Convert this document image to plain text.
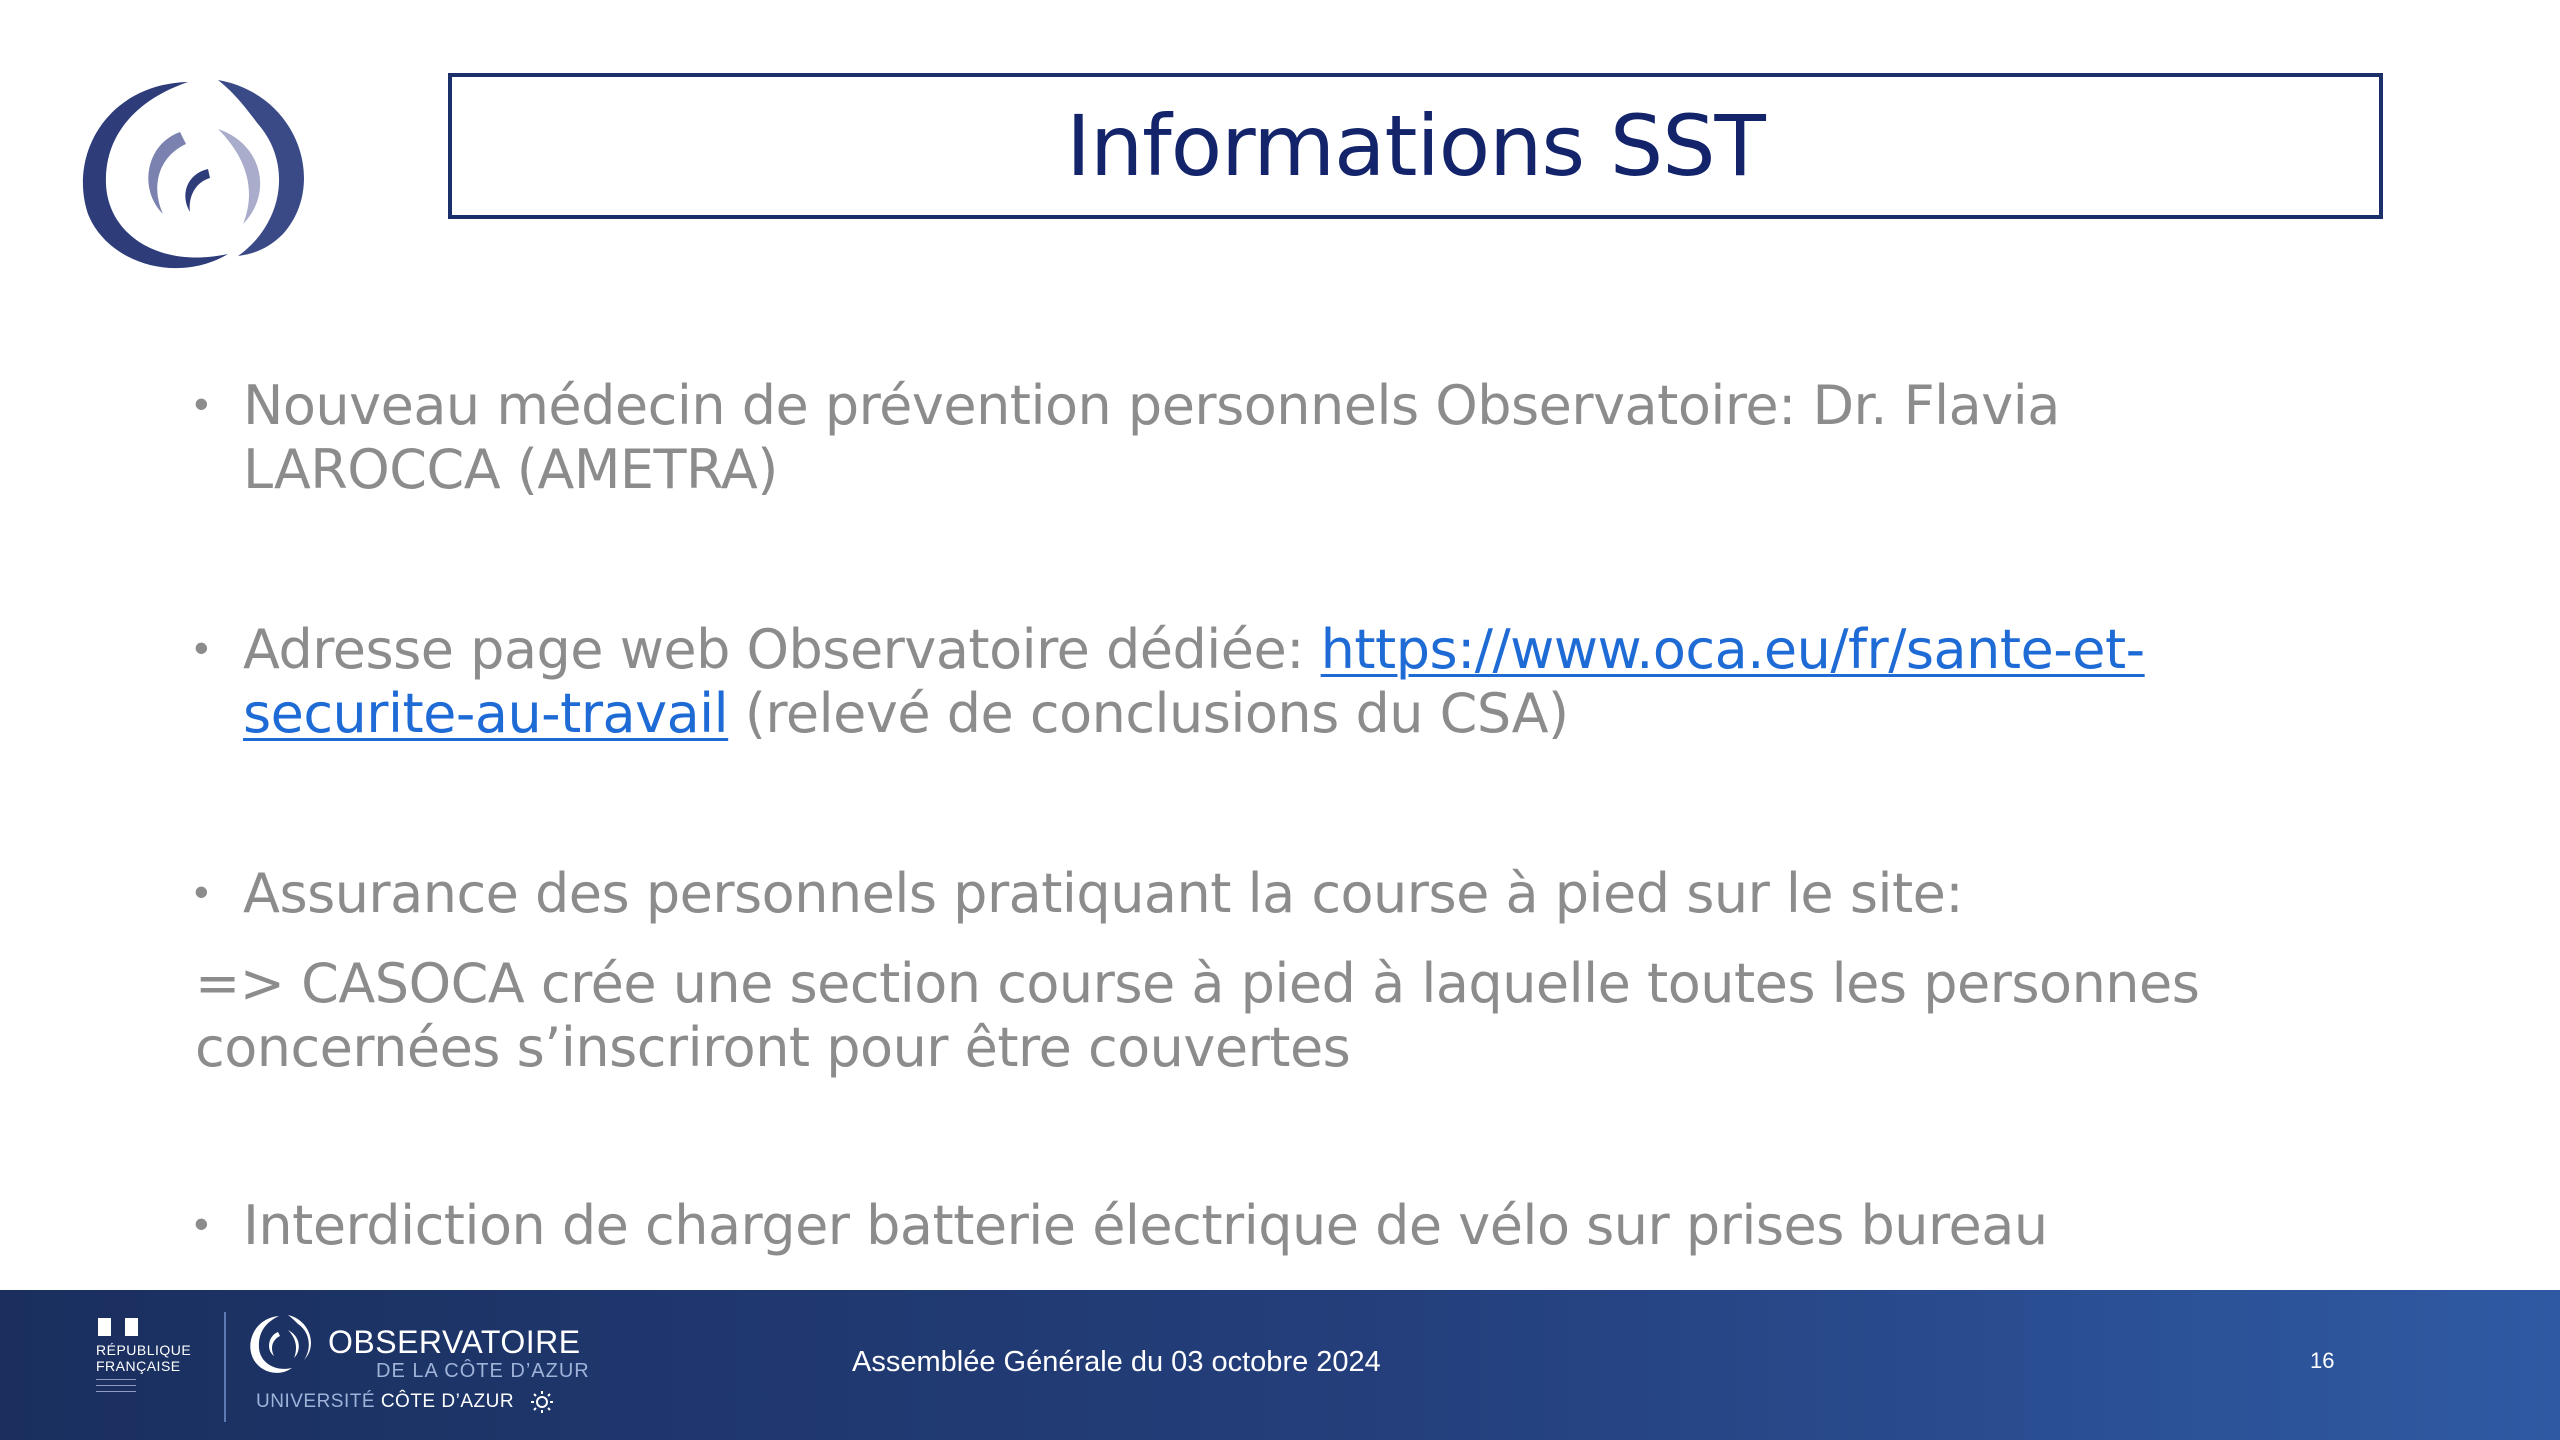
Informations SST
• Nouveau médecin de prévention personnels Observatoire: Dr. Flavia
LAROCCA (AMETRA)
• Adresse page web Observatoire dédiée: https://www.oca.eu/fr/sante-et-
securite-au-travail (relevé de conclusions du CSA)
• Assurance des personnels pratiquant la course à pied sur le site:
=> CASOCA crée une section course à pied à laquelle toutes les personnes
concernées s’inscriront pour être couvertes
• Interdiction de charger batterie électrique de vélo sur prises bureau
RÉPUBLIQUE
FRANÇAISE
OBSERVATOIRE
DE LA CÔTE D’AZUR
UNIVERSITÉ CÔTE D’AZUR
Assemblée Générale du 03 octobre 2024	16
